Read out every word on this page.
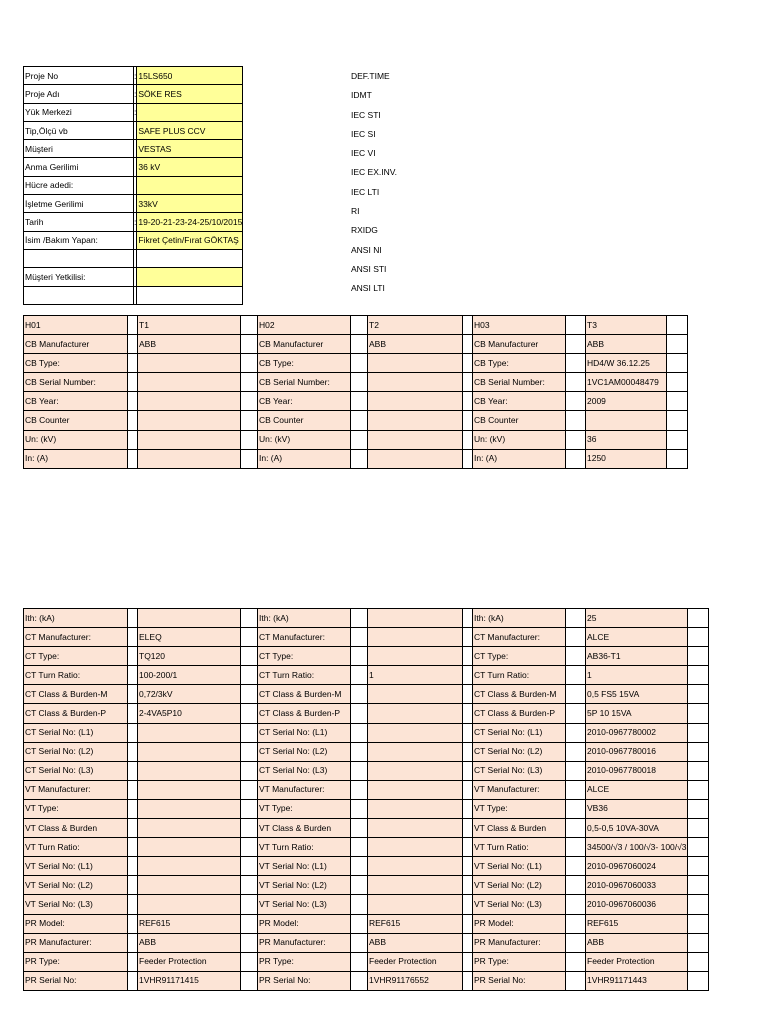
Proje No	:	15LS650
Proje Adı	:	SÖKE RES
Yük Merkezi	:	
Tip,Ölçü vb		SAFE PLUS CCV
Müşteri		VESTAS
Anma Gerilimi		36 kV
Hücre adedi:		
İşletme Gerilimi		33kV
Tarih	:	19-20-21-23-24-25/10/2015
İsim /Bakım Yapan:		Fikret Çetin/Fırat GÖKTAŞ

Müşteri Yetkilisi:		

DEF.TIME
IDMT
IEC STI
IEC SI
IEC VI
IEC EX.INV.
IEC LTI
RI
RXIDG
ANSI NI
ANSI STI
ANSI LTI
H01		T1		H02		T2		H03		T3	
CB Manufacturer		ABB		CB Manufacturer		ABB		CB Manufacturer		ABB	
CB Type:				CB Type:				CB Type:		HD4/W 36.12.25	
CB Serial Number:				CB Serial Number:				CB Serial Number:		1VC1AM00048479	
CB Year:				CB Year:				CB Year:		2009	
CB Counter				CB Counter				CB Counter			
Un: (kV)				Un: (kV)				Un: (kV)		36	
In: (A)				In: (A)				In: (A)		1250	
Ith: (kA)				Ith: (kA)				Ith: (kA)		25	
CT Manufacturer:		ELEQ		CT Manufacturer:				CT Manufacturer:		ALCE	
CT Type:		TQ120		CT Type:				CT Type:		AB36-T1	
CT Turn Ratio:		100-200/1		CT Turn Ratio:		1		CT Turn Ratio:		1	
CT Class & Burden-M		0,72/3kV		CT Class & Burden-M				CT Class & Burden-M		0,5 FS5 15VA	
CT Class & Burden-P		2-4VA5P10		CT Class & Burden-P				CT Class & Burden-P		5P 10 15VA	
CT Serial No: (L1)				CT Serial No: (L1)				CT Serial No: (L1)		2010-0967780002	
CT Serial No: (L2)				CT Serial No: (L2)				CT Serial No: (L2)		2010-0967780016	
CT Serial No: (L3)				CT Serial No: (L3)				CT Serial No: (L3)		2010-0967780018	
VT Manufacturer:				VT Manufacturer:				VT Manufacturer:		ALCE	
VT Type:				VT Type:				VT Type:		VB36	
VT Class & Burden				VT Class & Burden				VT Class & Burden		0,5-0,5 10VA-30VA	
VT Turn Ratio:				VT Turn Ratio:				VT Turn Ratio:		34500/√3 / 100/√3- 100/√3	
VT Serial No: (L1)				VT Serial No: (L1)				VT Serial No: (L1)		2010-0967060024	
VT Serial No: (L2)				VT Serial No: (L2)				VT Serial No: (L2)		2010-0967060033	
VT Serial No: (L3)				VT Serial No: (L3)				VT Serial No: (L3)		2010-0967060036	
PR Model:		REF615		PR Model:		REF615		PR Model:		REF615	
PR Manufacturer:		ABB		PR Manufacturer:		ABB		PR Manufacturer:		ABB	
PR Type:		Feeder Protection		PR Type:		Feeder Protection		PR Type:		Feeder Protection	
PR Serial No:		1VHR91171415		PR Serial No:		1VHR91176552		PR Serial No:		1VHR91171443	
